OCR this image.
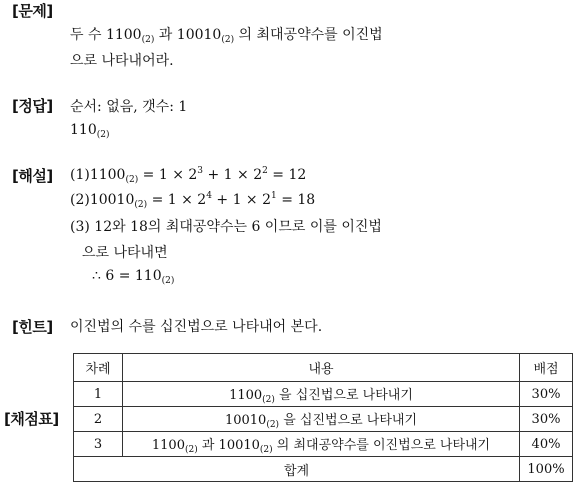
[문제]
두 수 $1100_{(2)}$ 과 $10010_{(2)}$ 의 최대공약수를 이진법
으로 나타내어라.
[정답] 순서: 없음, 갯수: 1
$110_{(2)}$
[해설] $(1)1100_{(2)} = 1 \times 2^3 + 1 \times 2^2 = 12$
$(2)10010_{(2)} = 1 \times 2^4 + 1 \times 2^1 = 18$
(3) 12와 18의 최대공약수는 6 이므로 이를 이진법
으로 나타내면
∴ $6 = 110_{(2)}$
[힌트] 이진법의 수를 십진법으로 나타내어 본다.
[채점표]
차례	내용	배점
1	$1100_{(2)}$ 을 십진법으로 나타내기	30%
2	$10010_{(2)}$ 을 십진법으로 나타내기	30%
3	$1100_{(2)}$ 과 $10010_{(2)}$ 의 최대공약수를 이진법으로 나타내기	40%
합계		100%
